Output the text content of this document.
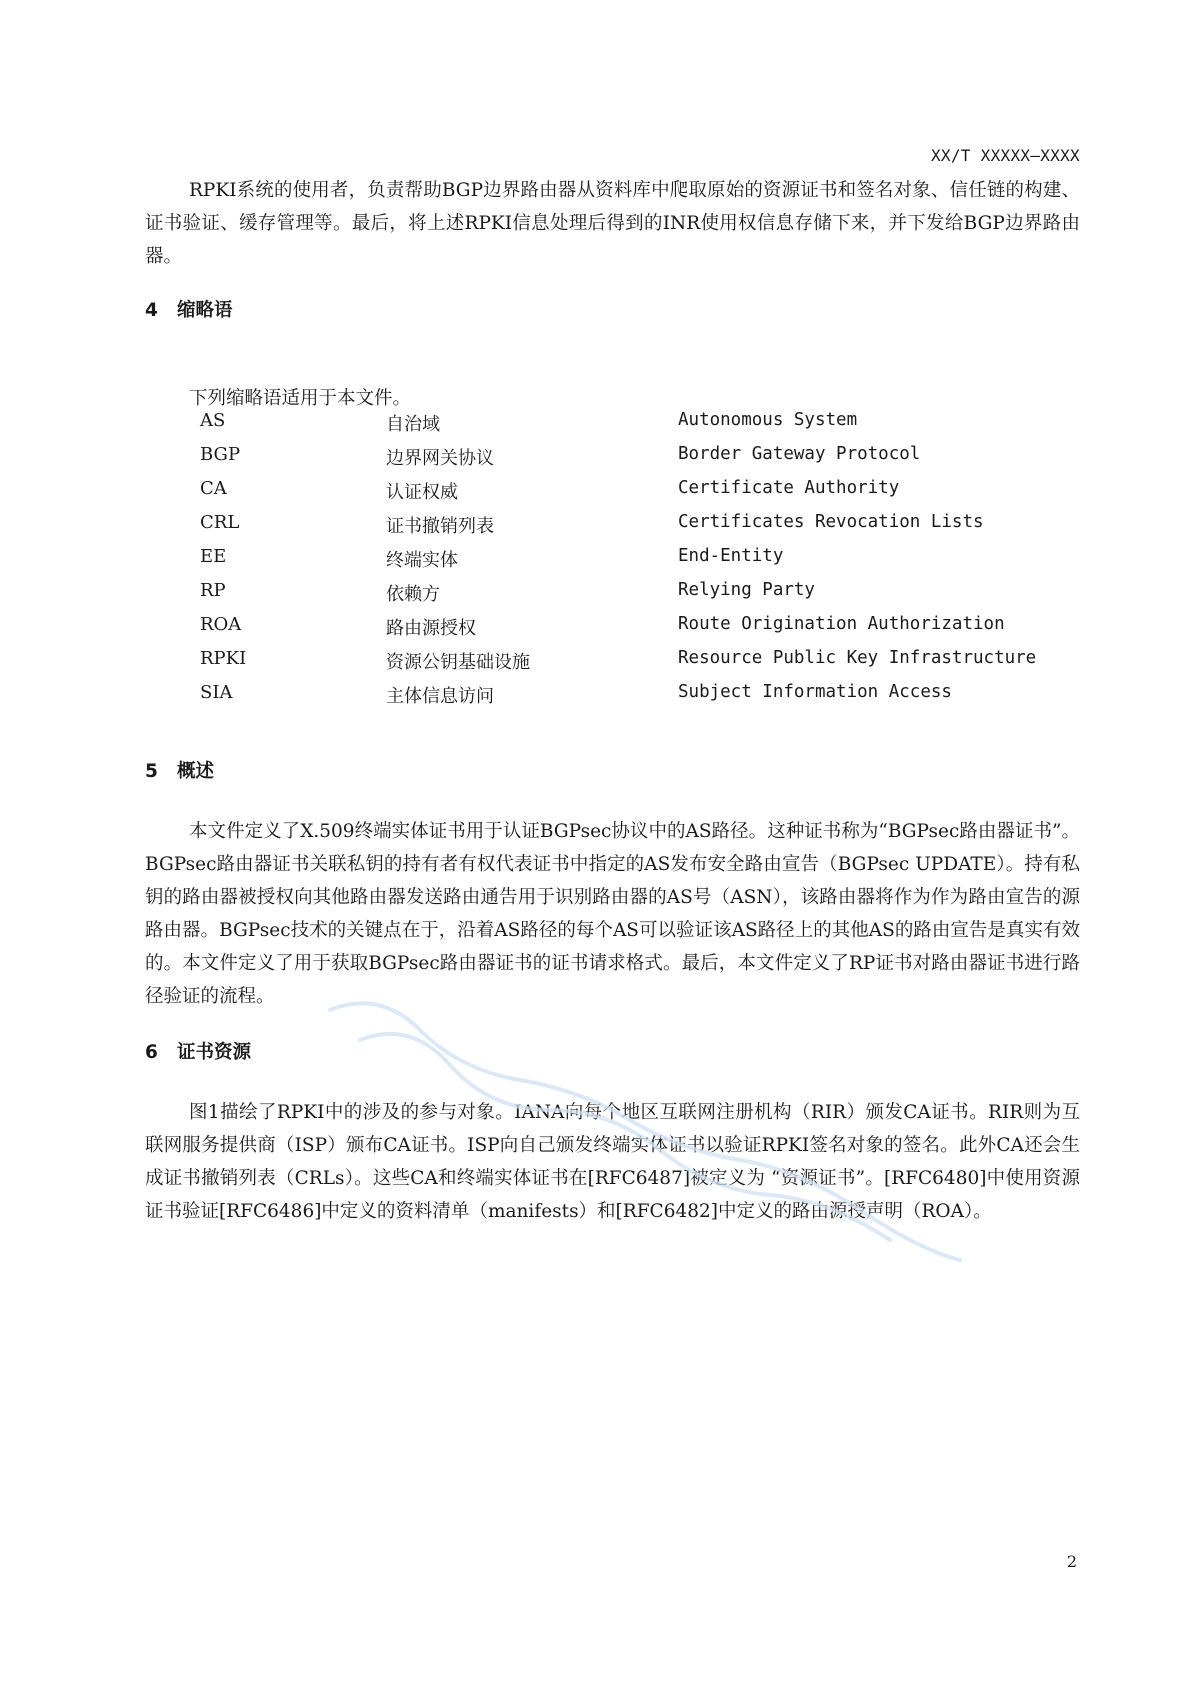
XX/T XXXXX—XXXX

RPKI系统的使用者，负责帮助BGP边界路由器从资料库中爬取原始的资源证书和签名对象、信任链的构建、证书验证、缓存管理等。最后，将上述RPKI信息处理后得到的INR使用权信息存储下来，并下发给BGP边界路由器。

4 缩略语
下列缩略语适用于本文件。
AS	自治域	Autonomous System
BGP	边界网关协议	Border Gateway Protocol
CA	认证权威	Certificate Authority
CRL	证书撤销列表	Certificates Revocation Lists
EE	终端实体	End-Entity
RP	依赖方	Relying Party
ROA	路由源授权	Route Origination Authorization
RPKI	资源公钥基础设施	Resource Public Key Infrastructure
SIA	主体信息访问	Subject Information Access
5 概述

本文件定义了X.509终端实体证书用于认证BGPsec协议中的AS路径。这种证书称为“BGPsec路由器证书”。 BGPsec路由器证书关联私钥的持有者有权代表证书中指定的AS发布安全路由宣告（BGPsec UPDATE）。持有私钥的路由器被授权向其他路由器发送路由通告用于识别路由器的AS号（ASN），该路由器将作为作为路由宣告的源路由器。BGPsec技术的关键点在于，沿着AS路径的每个AS可以验证该AS路径上的其他AS的路由宣告是真实有效的。本文件定义了用于获取BGPsec路由器证书的证书请求格式。最后，本文件定义了RP证书对路由器证书进行路径验证的流程。

6 证书资源

图1描绘了RPKI中的涉及的参与对象。IANA向每个地区互联网注册机构（RIR）颁发CA证书。RIR则为互联网服务提供商（ISP）颁布CA证书。ISP向自己颁发终端实体证书以验证RPKI签名对象的签名。此外CA还会生成证书撤销列表（CRLs）。这些CA和终端实体证书在[RFC6487]被定义为 “资源证书”。[RFC6480]中使用资源证书验证[RFC6486]中定义的资料清单（manifests）和[RFC6482]中定义的路由源授声明（ROA）。

2
